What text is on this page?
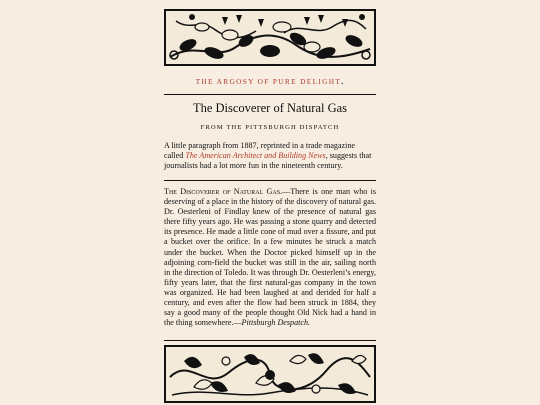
THE ARGOSY OF PURE DELIGHT.
The Discoverer of Natural Gas
FROM THE PITTSBURGH DISPATCH
A little paragraph from 1887, reprinted in a trade magazine called The American Architect and Building News, suggests that journalists had a lot more fun in the nineteenth century.
The Discoverer of Natural Gas.—There is one man who is deserving of a place in the history of the discovery of natural gas. Dr. Oesterleni of Findlay knew of the presence of natural gas there fifty years ago. He was passing a stone quarry and detected its presence. He made a little cone of mud over a fissure, and put a bucket over the orifice. In a few minutes he struck a match under the bucket. When the Doctor picked himself up in the adjoining corn-field the bucket was still in the air, sailing north in the direction of Toledo. It was through Dr. Oesterleni’s energy, fifty years later, that the first natural-gas company in the town was organized. He had been laughed at and derided for half a century, and even after the flow had been struck in 1884, they say a good many of the people thought Old Nick had a hand in the thing somewhere.—Pittsburgh Despatch.
